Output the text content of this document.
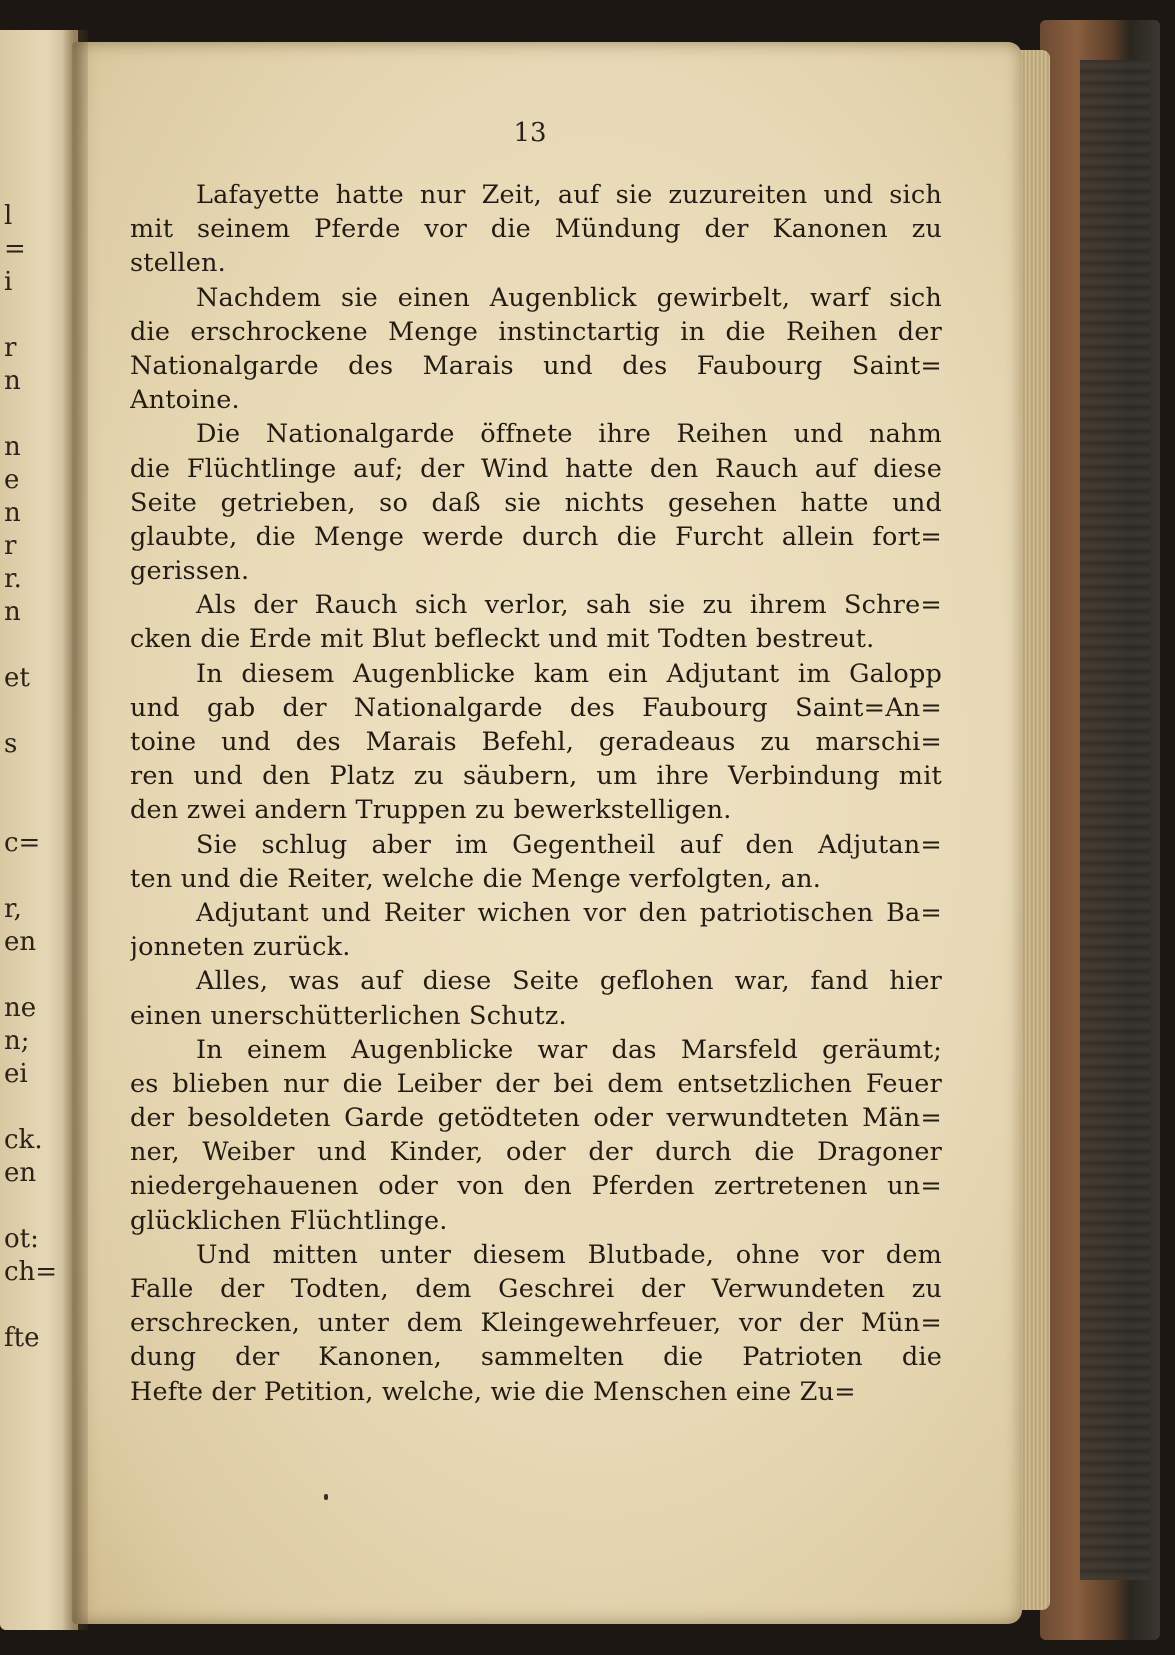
l
=
i
r
n
n
e
n
r
r.
n
et
s
c=
r,
en
ne
n;
ei
ck.
en
ot:
ch=
fte
13
Lafayette hatte nur Zeit, auf sie zuzureiten und sich
mit seinem Pferde vor die Mündung der Kanonen zu
stellen.
Nachdem sie einen Augenblick gewirbelt, warf sich
die erschrockene Menge instinctartig in die Reihen der
Nationalgarde des Marais und des Faubourg Saint=
Antoine.
Die Nationalgarde öffnete ihre Reihen und nahm
die Flüchtlinge auf; der Wind hatte den Rauch auf diese
Seite getrieben, so daß sie nichts gesehen hatte und
glaubte, die Menge werde durch die Furcht allein fort=
gerissen.
Als der Rauch sich verlor, sah sie zu ihrem Schre=
cken die Erde mit Blut befleckt und mit Todten bestreut.
In diesem Augenblicke kam ein Adjutant im Galopp
und gab der Nationalgarde des Faubourg Saint=An=
toine und des Marais Befehl, geradeaus zu marschi=
ren und den Platz zu säubern, um ihre Verbindung mit
den zwei andern Truppen zu bewerkstelligen.
Sie schlug aber im Gegentheil auf den Adjutan=
ten und die Reiter, welche die Menge verfolgten, an.
Adjutant und Reiter wichen vor den patriotischen Ba=
jonneten zurück.
Alles, was auf diese Seite geflohen war, fand hier
einen unerschütterlichen Schutz.
In einem Augenblicke war das Marsfeld geräumt;
es blieben nur die Leiber der bei dem entsetzlichen Feuer
der besoldeten Garde getödteten oder verwundteten Män=
ner, Weiber und Kinder, oder der durch die Dragoner
niedergehauenen oder von den Pferden zertretenen un=
glücklichen Flüchtlinge.
Und mitten unter diesem Blutbade, ohne vor dem
Falle der Todten, dem Geschrei der Verwundeten zu
erschrecken, unter dem Kleingewehrfeuer, vor der Mün=
dung der Kanonen, sammelten die Patrioten die
Hefte der Petition, welche, wie die Menschen eine Zu=
